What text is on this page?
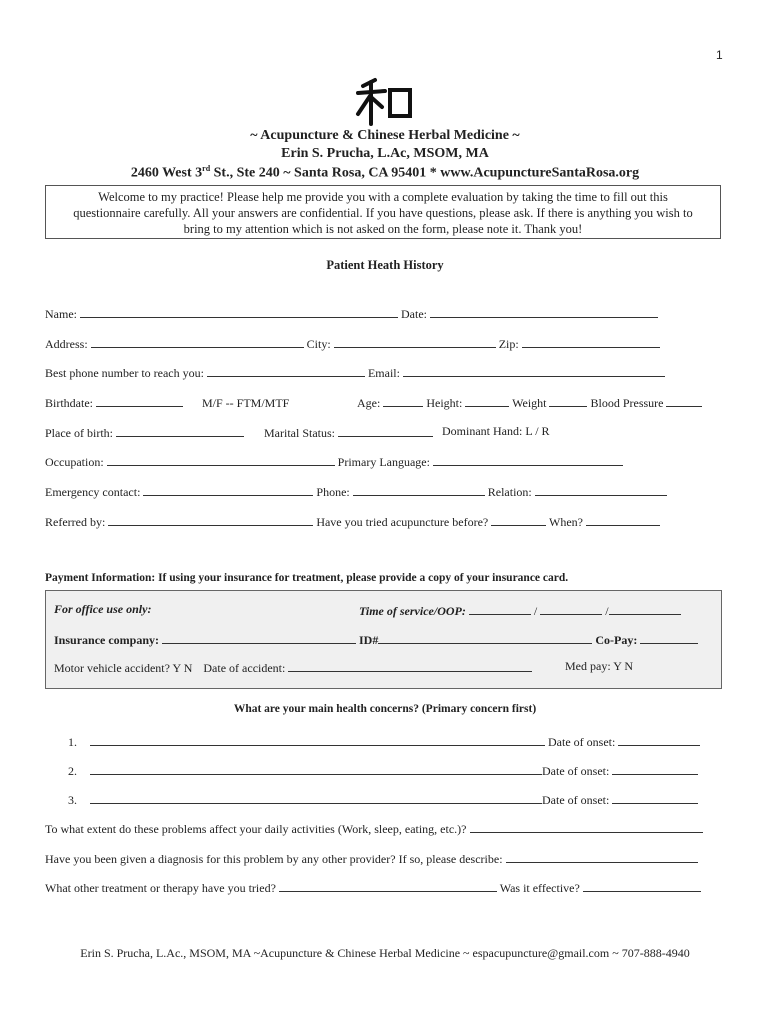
1
~ Acupuncture & Chinese Herbal Medicine ~
Erin S. Prucha, L.Ac, MSOM, MA
2460 West 3rd St., Ste 240 ~ Santa Rosa, CA 95401 * www.AcupunctureSantaRosa.org
Welcome to my practice! Please help me provide you with a complete evaluation by taking the time to fill out this
questionnaire carefully. All your answers are confidential. If you have questions, please ask. If there is anything you wish to
bring to my attention which is not asked on the form, please note it. Thank you!
Patient Heath History
Name:	Date:
Address:	City:	Zip:
Best phone number to reach you:	Email:
Birthdate:	M/F -- FTM/MTF	Age:	Height:	Weight	Blood Pressure
Place of birth:	Marital Status:	Dominant Hand: L / R
Occupation:	Primary Language:
Emergency contact:	Phone:	Relation:
Referred by:	Have you tried acupuncture before?	When?
Payment Information: If using your insurance for treatment, please provide a copy of your insurance card.
For office use only:	Time of service/OOP:	/	/
Insurance company:	ID#	Co-Pay:
Motor vehicle accident? Y N Date of accident:	Med pay: Y N
What are your main health concerns? (Primary concern first)
1.	Date of onset:
2.	Date of onset:
3.	Date of onset:
To what extent do these problems affect your daily activities (Work, sleep, eating, etc.)?
Have you been given a diagnosis for this problem by any other provider? If so, please describe:
What other treatment or therapy have you tried?	Was it effective?
Erin S. Prucha, L.Ac., MSOM, MA ~Acupuncture & Chinese Herbal Medicine ~ espacupuncture@gmail.com ~ 707-888-4940
